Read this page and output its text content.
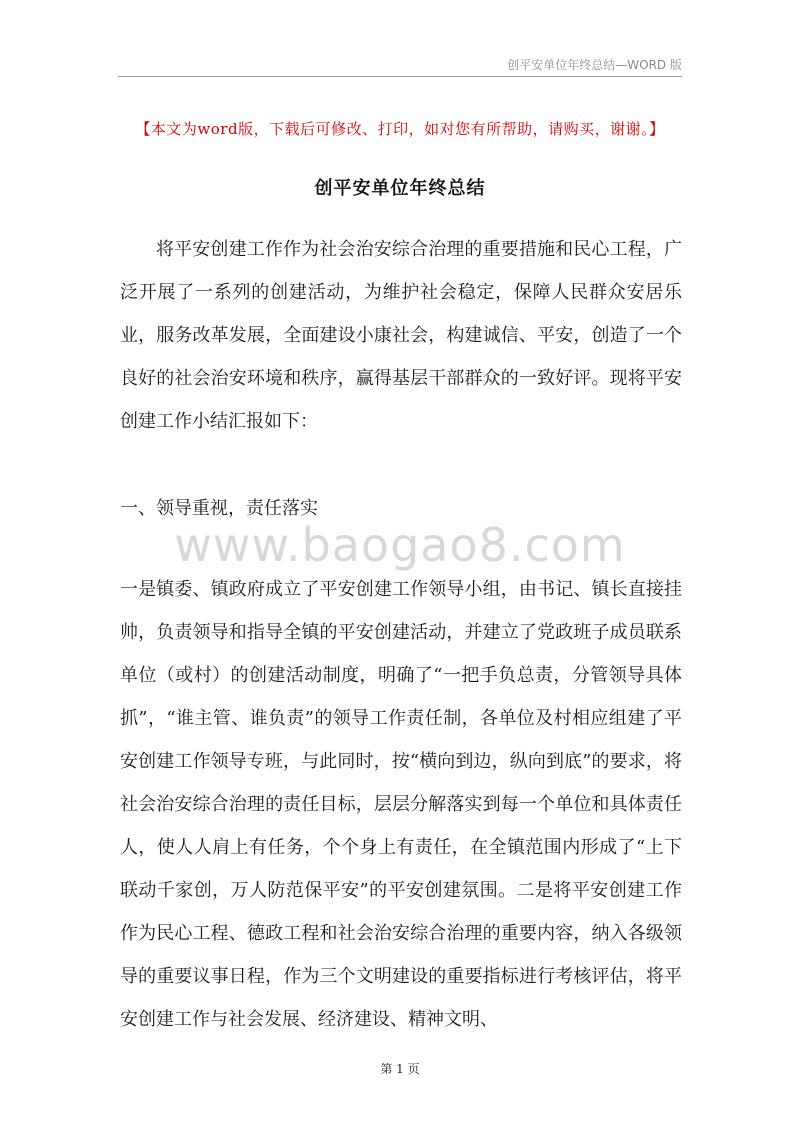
创平安单位年终总结—WORD 版
【本文为word版，下载后可修改、打印，如对您有所帮助，请购买，谢谢。】
创平安单位年终总结

将平安创建工作作为社会治安综合治理的重要措施和民心工程，广泛开展了一系列的创建活动，为维护社会稳定，保障人民群众安居乐业，服务改革发展，全面建设小康社会，构建诚信、平安，创造了一个良好的社会治安环境和秩序，赢得基层干部群众的一致好评。现将平安创建工作小结汇报如下：

一、领导重视，责任落实

www.baogao8.com

一是镇委、镇政府成立了平安创建工作领导小组，由书记、镇长直接挂帅，负责领导和指导全镇的平安创建活动，并建立了党政班子成员联系单位（或村）的创建活动制度，明确了“一把手负总责，分管领导具体抓”，“谁主管、谁负责”的领导工作责任制，各单位及村相应组建了平安创建工作领导专班，与此同时，按“横向到边，纵向到底”的要求，将社会治安综合治理的责任目标，层层分解落实到每一个单位和具体责任人，使人人肩上有任务，个个身上有责任，在全镇范围内形成了“上下联动千家创，万人防范保平安”的平安创建氛围。二是将平安创建工作作为民心工程、德政工程和社会治安综合治理的重要内容，纳入各级领导的重要议事日程，作为三个文明建设的重要指标进行考核评估，将平安创建工作与社会发展、经济建设、精神文明、

第 1 页
